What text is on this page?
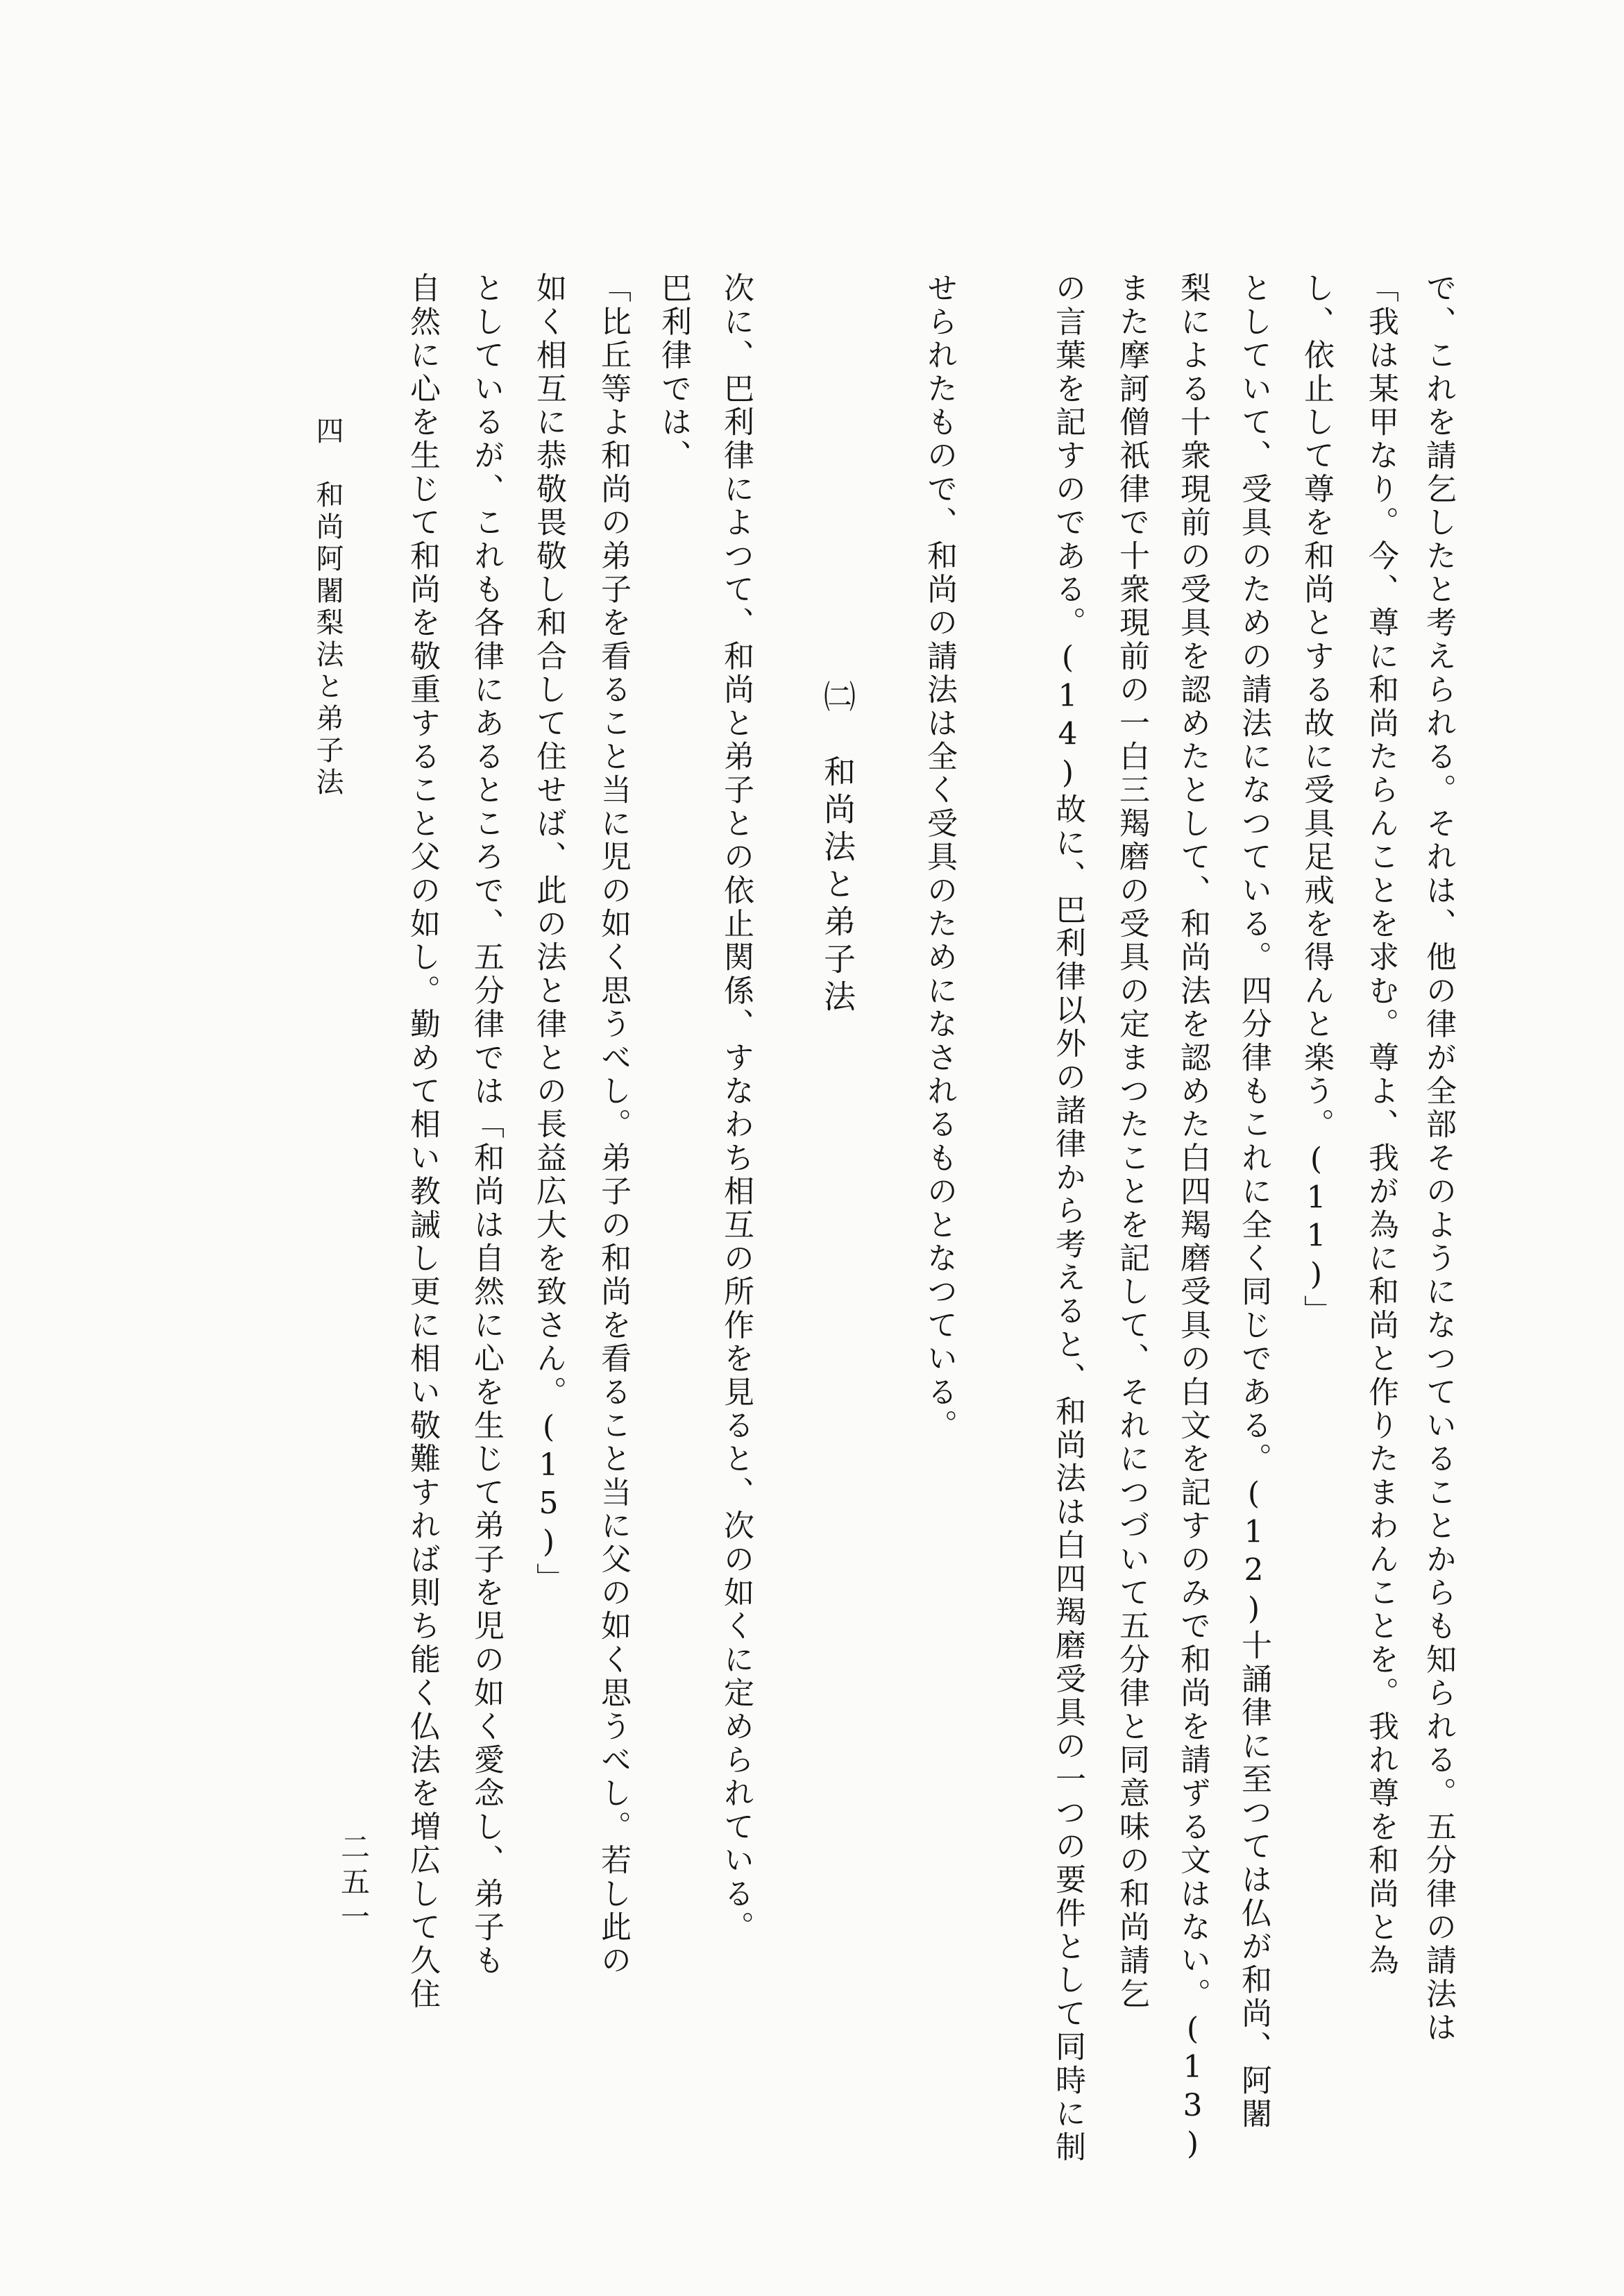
で、これを請乞したと考えられる。それは、他の律が全部そのようになつていることからも知られる。五分律の請法は
「我は某甲なり。今、尊に和尚たらんことを求む。尊よ、我が為に和尚と作りたまわんことを。我れ尊を和尚と為
し、依止して尊を和尚とする故に受具足戒を得んと楽う。(11)」
としていて、受具のための請法になつている。四分律もこれに全く同じである。(12)十誦律に至つては仏が和尚、阿闍
梨による十衆現前の受具を認めたとして、和尚法を認めた白四羯磨受具の白文を記すのみで和尚を請ずる文はない。(13)
また摩訶僧祇律で十衆現前の一白三羯磨の受具の定まつたことを記して、それにつづいて五分律と同意味の和尚請乞
の言葉を記すのである。(14)故に、巴利律以外の諸律から考えると、和尚法は白四羯磨受具の一つの要件として同時に制
せられたもので、和尚の請法は全く受具のためになされるものとなつている。
㈡　和尚法と弟子法
次に、巴利律によつて、和尚と弟子との依止関係、すなわち相互の所作を見ると、次の如くに定められている。
巴利律では、
「比丘等よ和尚の弟子を看ること当に児の如く思うべし。弟子の和尚を看ること当に父の如く思うべし。若し此の
如く相互に恭敬畏敬し和合して住せば、此の法と律との長益広大を致さん。(15)」
としているが、これも各律にあるところで、五分律では「和尚は自然に心を生じて弟子を児の如く愛念し、弟子も
自然に心を生じて和尚を敬重すること父の如し。勤めて相い教誡し更に相い敬難すれば則ち能く仏法を増広して久住
四　和尚阿闍梨法と弟子法
二五一
